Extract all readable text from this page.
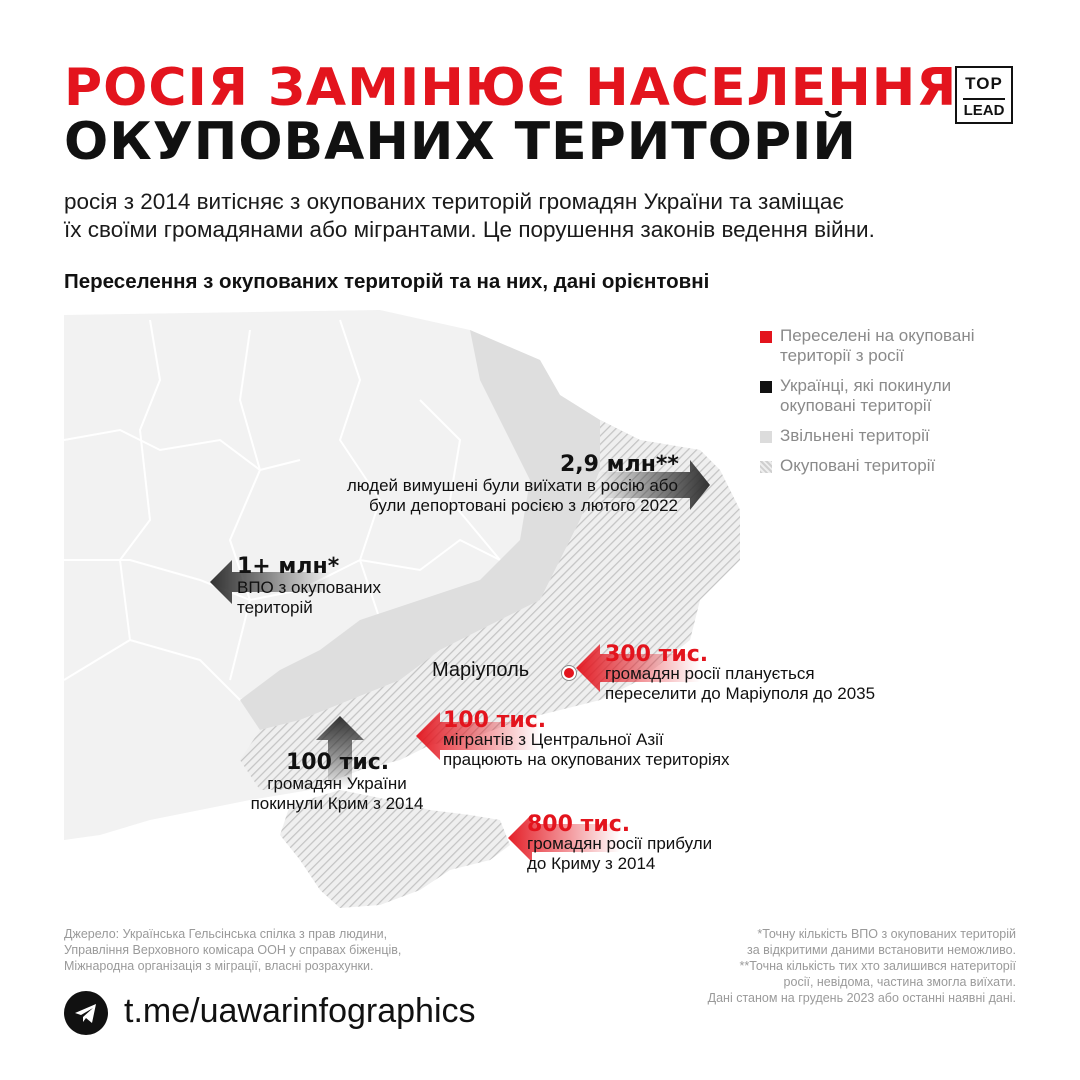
РОСІЯ ЗАМІНЮЄ НАСЕЛЕННЯ
ОКУПОВАНИХ ТЕРИТОРІЙ
TOP
LEAD
росія з 2014 витісняє з окупованих територій громадян України та заміщає
їх своїми громадянами або мігрантами. Це порушення законів ведення війни.
Переселення з окупованих територій та на них, дані орієнтовні
Переселені на окуповані
території з росії
Українці, які покинули
окуповані території
Звільнені території
Окуповані території
2,9 млн**
людей вимушені були виїхати в росію або
були депортовані росією з лютого 2022
1+ млн*
ВПО з окупованих
територій
Маріуполь
300 тис.
громадян росії планується
переселити до Маріуполя до 2035
100 тис.
мігрантів з Центральної Азії
працюють на окупованих територіях
100 тис.
громадян України
покинули Крим з 2014
800 тис.
громадян росії прибули
до Криму з 2014
Джерело: Українська Гельсінська спілка з прав людини,
Управління Верховного комісара ООН у справах біженців,
Міжнародна організація з міграції, власні розрахунки.
*Точну кількість ВПО з окупованих територій
за відкритими даними встановити неможливо.
**Точна кількість тих хто залишився натериторії
росії, невідома, частина змогла виїхати.
Дані станом на грудень 2023 або останні наявні дані.
t.me/uawarinfographics
